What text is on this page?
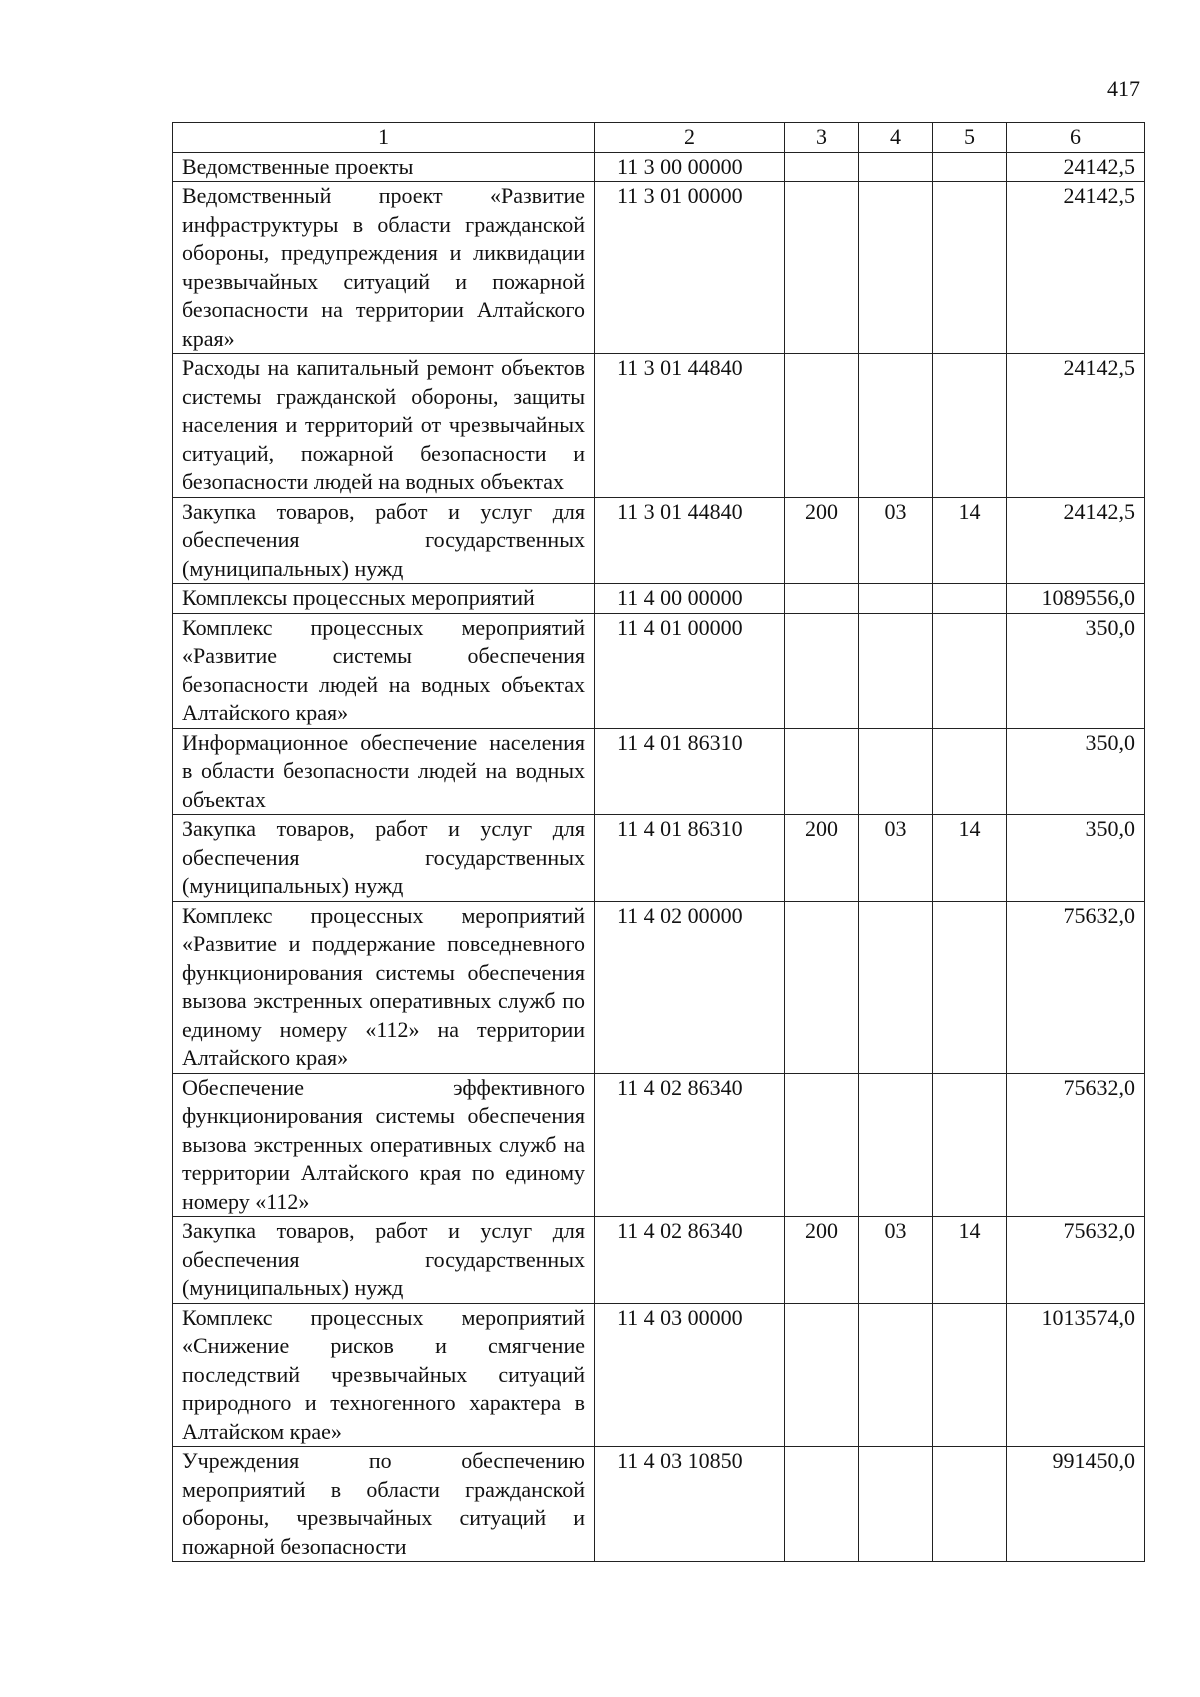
417
1	2	3	4	5	6
Ведомственные проекты	11 3 00 00000				24142,5
Ведомственный проект «Развитие инфраструктуры в области гражданской обороны, предупреждения и ликвидации чрезвычайных ситуаций и пожарной безопасности на территории Алтайского края»	11 3 01 00000				24142,5
Расходы на капитальный ремонт объектов системы гражданской обороны, защиты населения и территорий от чрезвычайных ситуаций, пожарной безопасности и безопасности людей на водных объектах	11 3 01 44840				24142,5
Закупка товаров, работ и услуг для обеспечения государственных (муниципальных) нужд	11 3 01 44840	200	03	14	24142,5
Комплексы процессных мероприятий	11 4 00 00000				1089556,0
Комплекс процессных мероприятий «Развитие системы обеспечения безопасности людей на водных объектах Алтайского края»	11 4 01 00000				350,0
Информационное обеспечение населения в области безопасности людей на водных объектах	11 4 01 86310				350,0
Закупка товаров, работ и услуг для обеспечения государственных (муниципальных) нужд	11 4 01 86310	200	03	14	350,0
Комплекс процессных мероприятий «Развитие и поддержание повседневного функционирования системы обеспечения вызова экстренных оперативных служб по единому номеру «112» на территории Алтайского края»	11 4 02 00000				75632,0
Обеспечение эффективного функционирования системы обеспечения вызова экстренных оперативных служб на территории Алтайского края по единому номеру «112»	11 4 02 86340				75632,0
Закупка товаров, работ и услуг для обеспечения государственных (муниципальных) нужд	11 4 02 86340	200	03	14	75632,0
Комплекс процессных мероприятий «Снижение рисков и смягчение последствий чрезвычайных ситуаций природного и техногенного характера в Алтайском крае»	11 4 03 00000				1013574,0
Учреждения по обеспечению мероприятий в области гражданской обороны, чрезвычайных ситуаций и пожарной безопасности	11 4 03 10850				991450,0
